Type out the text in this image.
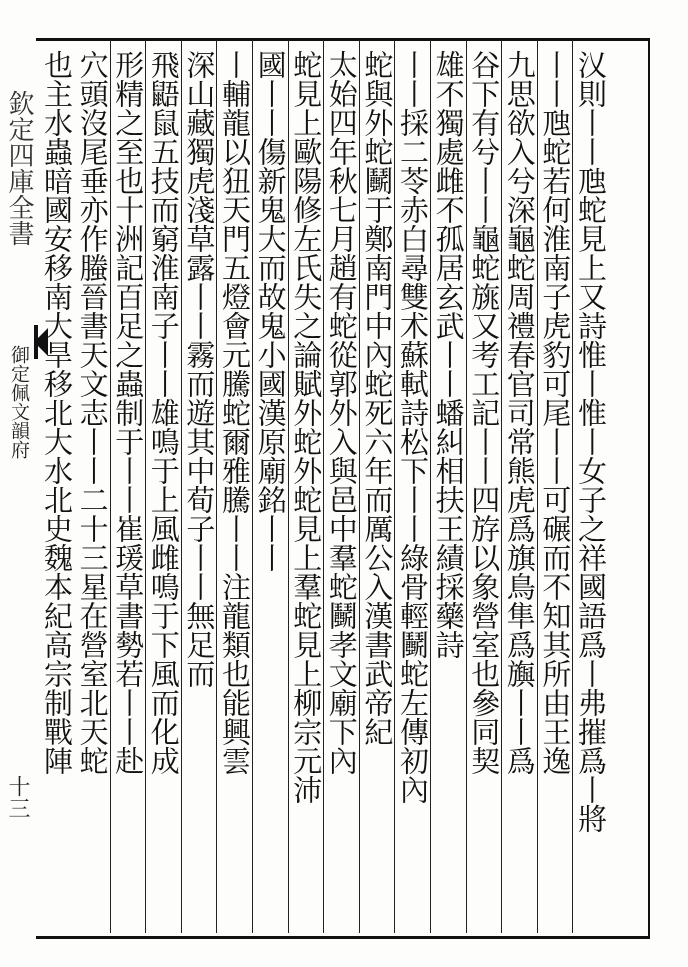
欽定四庫全書
御定佩文韻府
十三	㲼則丨丨虺蛇見上又詩惟丨惟丨女子之祥國語爲丨弗摧爲丨將
丨丨虺蛇若何淮南子虎豹可尾丨丨可碾而不知其所由王逸
九思欲入兮深龜蛇周禮春官司常熊虎爲旗鳥隼爲旟丨丨爲
谷下有兮丨丨龜蛇旐又考工記丨丨四斿以象營室也參同契
雄不獨處雌不孤居玄武丨丨蟠糾相扶王績採藥詩
丨丨採二苓赤白尋雙术蘇軾詩松下丨丨綠骨輕鬭蛇左傳初內
蛇與外蛇鬭于鄭南門中內蛇死六年而厲公入漢書武帝紀
太始四年秋七月趙有蛇從郭外入與邑中羣蛇鬭孝文廟下內
蛇見上歐陽修左氏失之論賦外蛇外蛇見上羣蛇見上柳宗元沛
國丨丨傷新鬼大而故鬼小國漢原廟銘丨丨
丨輔龍以狃天門五燈會元騰蛇爾雅騰丨丨注龍類也能興雲
深山藏獨虎淺草露丨丨霧而遊其中荀子丨丨無足而
飛鼯鼠五技而窮淮南子丨丨雄鳴于上風雌鳴于下風而化成
形精之至也十洲記百足之蟲制于丨丨崔瑗草書勢若丨丨赴
穴頭沒尾垂亦作螣晉書天文志丨丨二十三星在營室北天蛇
也主水蟲暗國安移南大旱移北大水北史魏本紀高宗制戰陣
